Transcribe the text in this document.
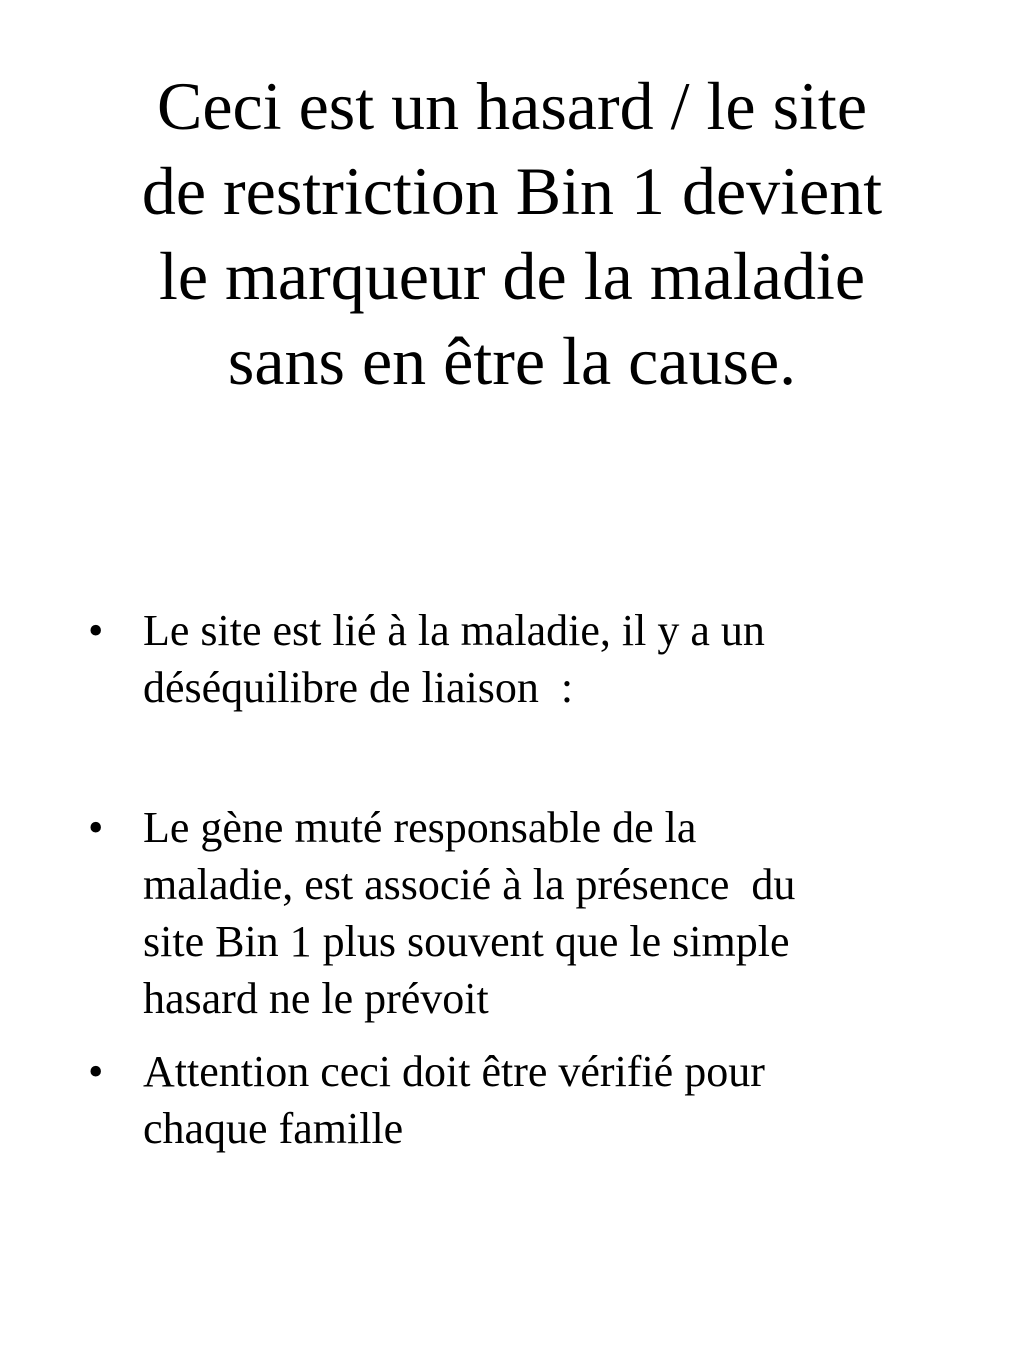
Ceci est un hasard / le site
de restriction Bin 1 devient
le marqueur de la maladie
sans en être la cause.
• Le site est lié à la maladie, il y a un
déséquilibre de liaison  :
• Le gène muté responsable de la
maladie, est associé à la présence  du
site Bin 1 plus souvent que le simple
hasard ne le prévoit
• Attention ceci doit être vérifié pour
chaque famille
